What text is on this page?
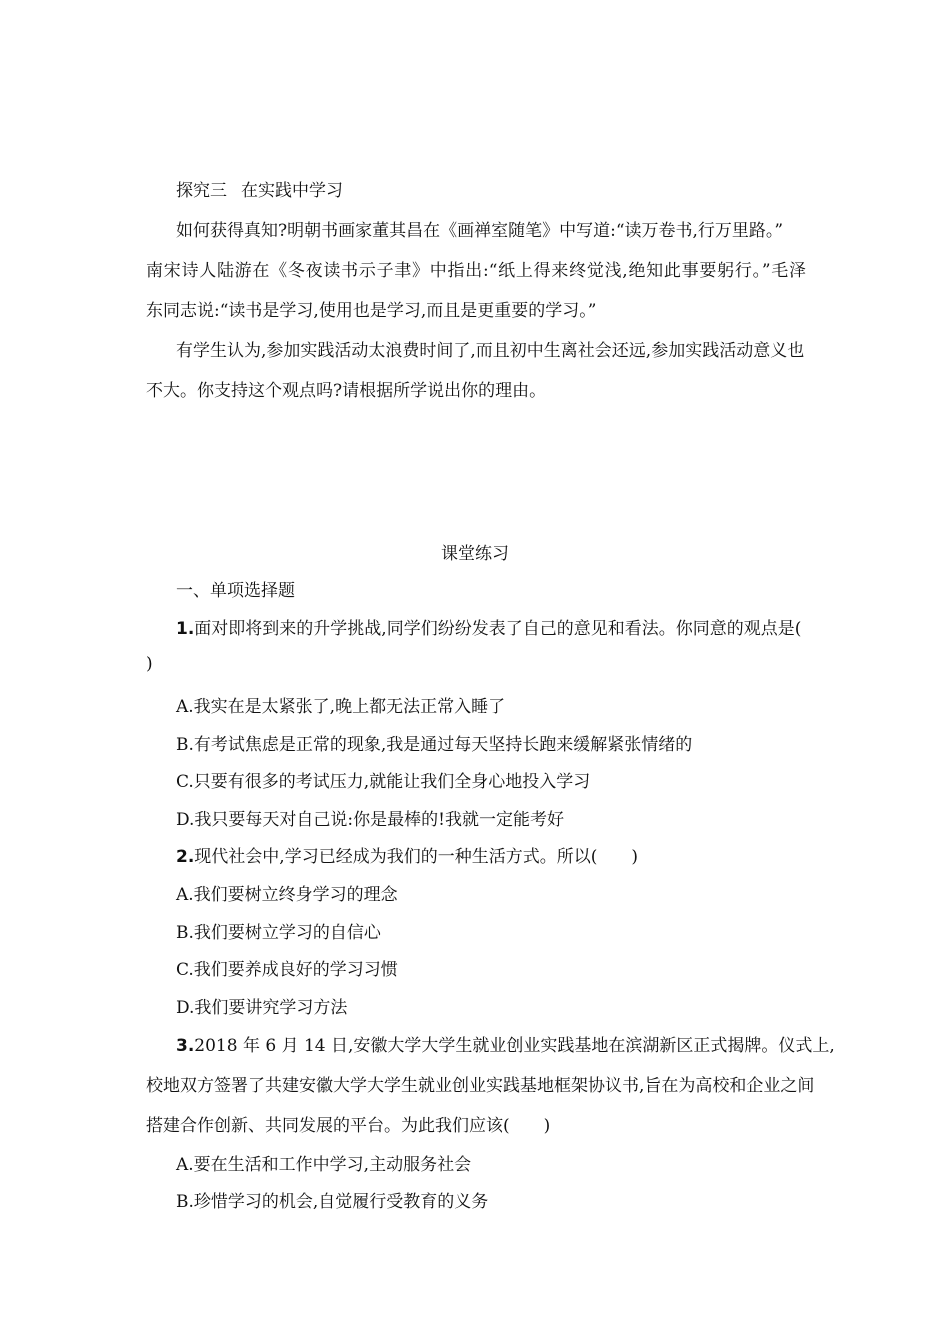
探究三 在实践中学习
如何获得真知?明朝书画家董其昌在《画禅室随笔》中写道:“读万卷书,行万里路。”
南宋诗人陆游在《冬夜读书示子聿》中指出:“纸上得来终觉浅,绝知此事要躬行。”毛泽
东同志说:“读书是学习,使用也是学习,而且是更重要的学习。”
有学生认为,参加实践活动太浪费时间了,而且初中生离社会还远,参加实践活动意义也
不大。你支持这个观点吗?请根据所学说出你的理由。
课堂练习
一、单项选择题
1.面对即将到来的升学挑战,同学们纷纷发表了自己的意见和看法。你同意的观点是(
)
A.我实在是太紧张了,晚上都无法正常入睡了
B.有考试焦虑是正常的现象,我是通过每天坚持长跑来缓解紧张情绪的
C.只要有很多的考试压力,就能让我们全身心地投入学习
D.我只要每天对自己说:你是最棒的!我就一定能考好
2.现代社会中,学习已经成为我们的一种生活方式。所以(　　)
A.我们要树立终身学习的理念
B.我们要树立学习的自信心
C.我们要养成良好的学习习惯
D.我们要讲究学习方法
3.2018 年 6 月 14 日,安徽大学大学生就业创业实践基地在滨湖新区正式揭牌。仪式上,
校地双方签署了共建安徽大学大学生就业创业实践基地框架协议书,旨在为高校和企业之间
搭建合作创新、共同发展的平台。为此我们应该(　　)
A.要在生活和工作中学习,主动服务社会
B.珍惜学习的机会,自觉履行受教育的义务
